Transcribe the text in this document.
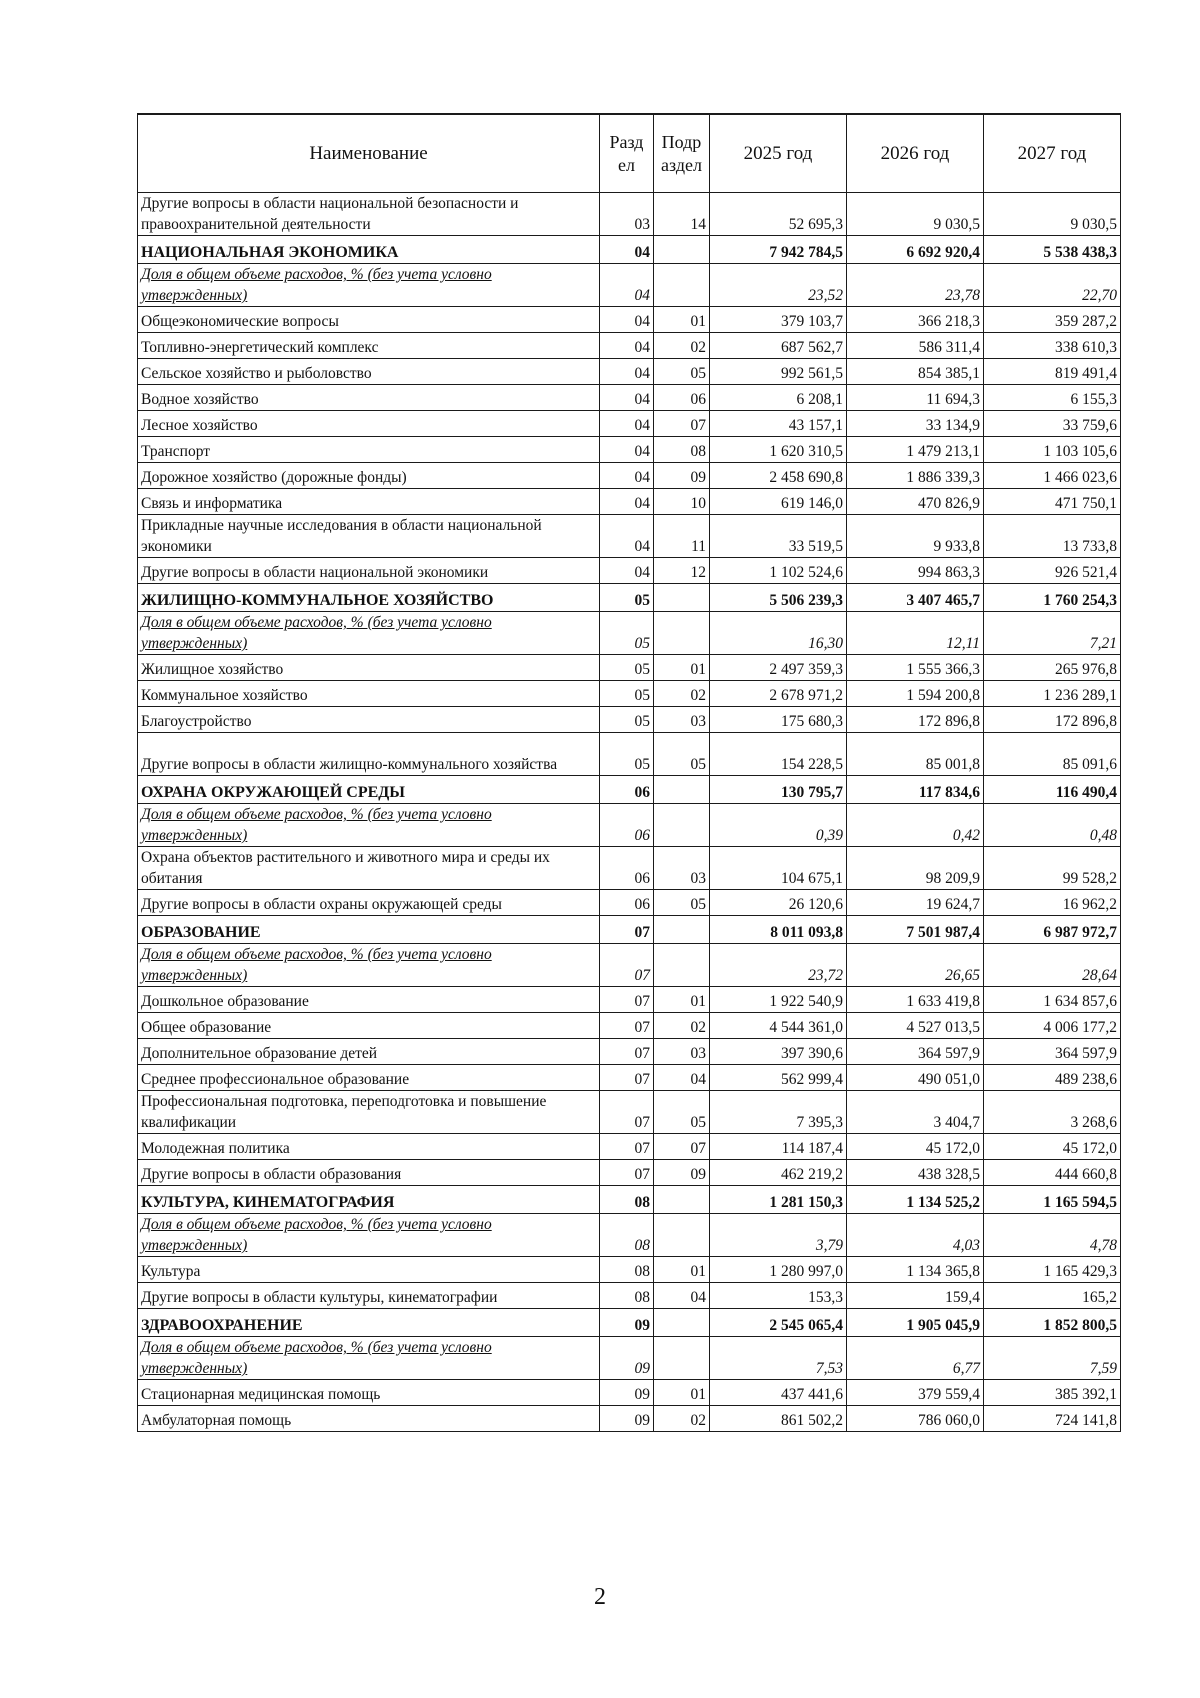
Наименование	Разд ел	Подр аздел	2025 год	2026 год	2027 год
Другие вопросы в области национальной безопасности и правоохранительной деятельности	03	14	52 695,3	9 030,5	9 030,5
НАЦИОНАЛЬНАЯ ЭКОНОМИКА	04		7 942 784,5	6 692 920,4	5 538 438,3
Доля в общем объеме расходов, % (без учета условно утвержденных)	04		23,52	23,78	22,70
Общеэкономические вопросы	04	01	379 103,7	366 218,3	359 287,2
Топливно-энергетический комплекс	04	02	687 562,7	586 311,4	338 610,3
Сельское хозяйство и рыболовство	04	05	992 561,5	854 385,1	819 491,4
Водное хозяйство	04	06	6 208,1	11 694,3	6 155,3
Лесное хозяйство	04	07	43 157,1	33 134,9	33 759,6
Транспорт	04	08	1 620 310,5	1 479 213,1	1 103 105,6
Дорожное хозяйство (дорожные фонды)	04	09	2 458 690,8	1 886 339,3	1 466 023,6
Связь и информатика	04	10	619 146,0	470 826,9	471 750,1
Прикладные научные исследования в области национальной экономики	04	11	33 519,5	9 933,8	13 733,8
Другие вопросы в области национальной экономики	04	12	1 102 524,6	994 863,3	926 521,4
ЖИЛИЩНО-КОММУНАЛЬНОЕ ХОЗЯЙСТВО	05		5 506 239,3	3 407 465,7	1 760 254,3
Доля в общем объеме расходов, % (без учета условно утвержденных)	05		16,30	12,11	7,21
Жилищное хозяйство	05	01	2 497 359,3	1 555 366,3	265 976,8
Коммунальное хозяйство	05	02	2 678 971,2	1 594 200,8	1 236 289,1
Благоустройство	05	03	175 680,3	172 896,8	172 896,8
Другие вопросы в области жилищно-коммунального хозяйства	05	05	154 228,5	85 001,8	85 091,6
ОХРАНА ОКРУЖАЮЩЕЙ СРЕДЫ	06		130 795,7	117 834,6	116 490,4
Доля в общем объеме расходов, % (без учета условно утвержденных)	06		0,39	0,42	0,48
Охрана объектов растительного и животного мира и среды их обитания	06	03	104 675,1	98 209,9	99 528,2
Другие вопросы в области охраны окружающей среды	06	05	26 120,6	19 624,7	16 962,2
ОБРАЗОВАНИЕ	07		8 011 093,8	7 501 987,4	6 987 972,7
Доля в общем объеме расходов, % (без учета условно утвержденных)	07		23,72	26,65	28,64
Дошкольное образование	07	01	1 922 540,9	1 633 419,8	1 634 857,6
Общее образование	07	02	4 544 361,0	4 527 013,5	4 006 177,2
Дополнительное образование детей	07	03	397 390,6	364 597,9	364 597,9
Среднее профессиональное образование	07	04	562 999,4	490 051,0	489 238,6
Профессиональная подготовка, переподготовка и повышение квалификации	07	05	7 395,3	3 404,7	3 268,6
Молодежная политика	07	07	114 187,4	45 172,0	45 172,0
Другие вопросы в области образования	07	09	462 219,2	438 328,5	444 660,8
КУЛЬТУРА, КИНЕМАТОГРАФИЯ	08		1 281 150,3	1 134 525,2	1 165 594,5
Доля в общем объеме расходов, % (без учета условно утвержденных)	08		3,79	4,03	4,78
Культура	08	01	1 280 997,0	1 134 365,8	1 165 429,3
Другие вопросы в области культуры, кинематографии	08	04	153,3	159,4	165,2
ЗДРАВООХРАНЕНИЕ	09		2 545 065,4	1 905 045,9	1 852 800,5
Доля в общем объеме расходов, % (без учета условно утвержденных)	09		7,53	6,77	7,59
Стационарная медицинская помощь	09	01	437 441,6	379 559,4	385 392,1
Амбулаторная помощь	09	02	861 502,2	786 060,0	724 141,8
2
